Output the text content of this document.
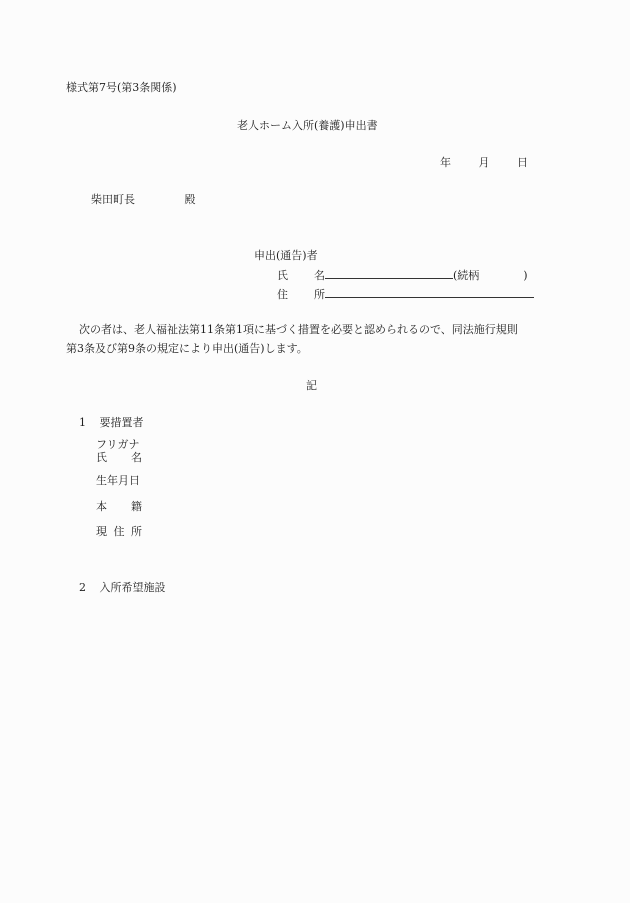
様式第7号(第3条関係)
老人ホーム入所(養護)申出書
年	月	日
柴田町長	殿
申出(通告)者
氏 名	(続柄	)
住 所
次の者は、老人福祉法第11条第1項に基づく措置を必要と認められるので、同法施行規則
第3条及び第9条の規定により申出(通告)します。
記
1 要措置者
フリガナ
氏 名
生年月日
本 籍
現 住 所
2 入所希望施設
